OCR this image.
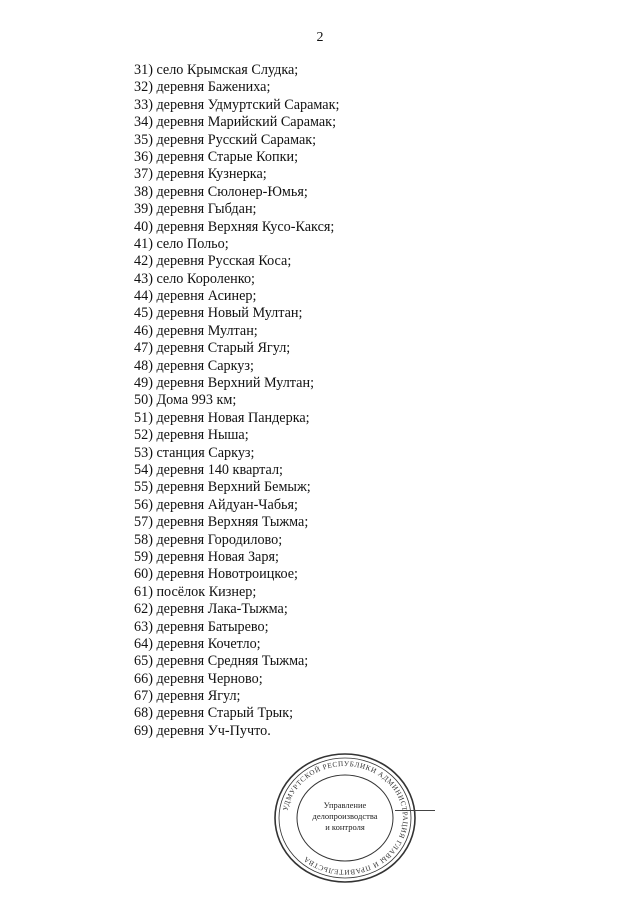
2
31) село Крымская Слудка;
32) деревня Бажениха;
33) деревня Удмуртский Сарамак;
34) деревня Марийский Сарамак;
35) деревня Русский Сарамак;
36) деревня Старые Копки;
37) деревня Кузнерка;
38) деревня Сюлонер-Юмья;
39) деревня Гыбдан;
40) деревня Верхняя Кусо-Какся;
41) село Польо;
42) деревня Русская Коса;
43) село Короленко;
44) деревня Асинер;
45) деревня Новый Мултан;
46) деревня Мултан;
47) деревня Старый Ягул;
48) деревня Саркуз;
49) деревня Верхний Мултан;
50) Дома 993 км;
51) деревня Новая Пандерка;
52) деревня Ныша;
53) станция Саркуз;
54) деревня 140 квартал;
55) деревня Верхний Бемыж;
56) деревня Айдуан-Чабья;
57) деревня Верхняя Тыжма;
58) деревня Городилово;
59) деревня Новая Заря;
60) деревня Новотроицкое;
61) посёлок Кизнер;
62) деревня Лака-Тыжма;
63) деревня Батырево;
64) деревня Кочетло;
65) деревня Средняя Тыжма;
66) деревня Черново;
67) деревня Ягул;
68) деревня Старый Трык;
69) деревня Уч-Пучто.
УДМУРТСКОЙ РЕСПУБЛИКИ АДМИНИСТРАЦИЯ ГЛАВЫ И ПРАВИТЕЛЬСТВА
Управление
делопроизводства
и контроля
